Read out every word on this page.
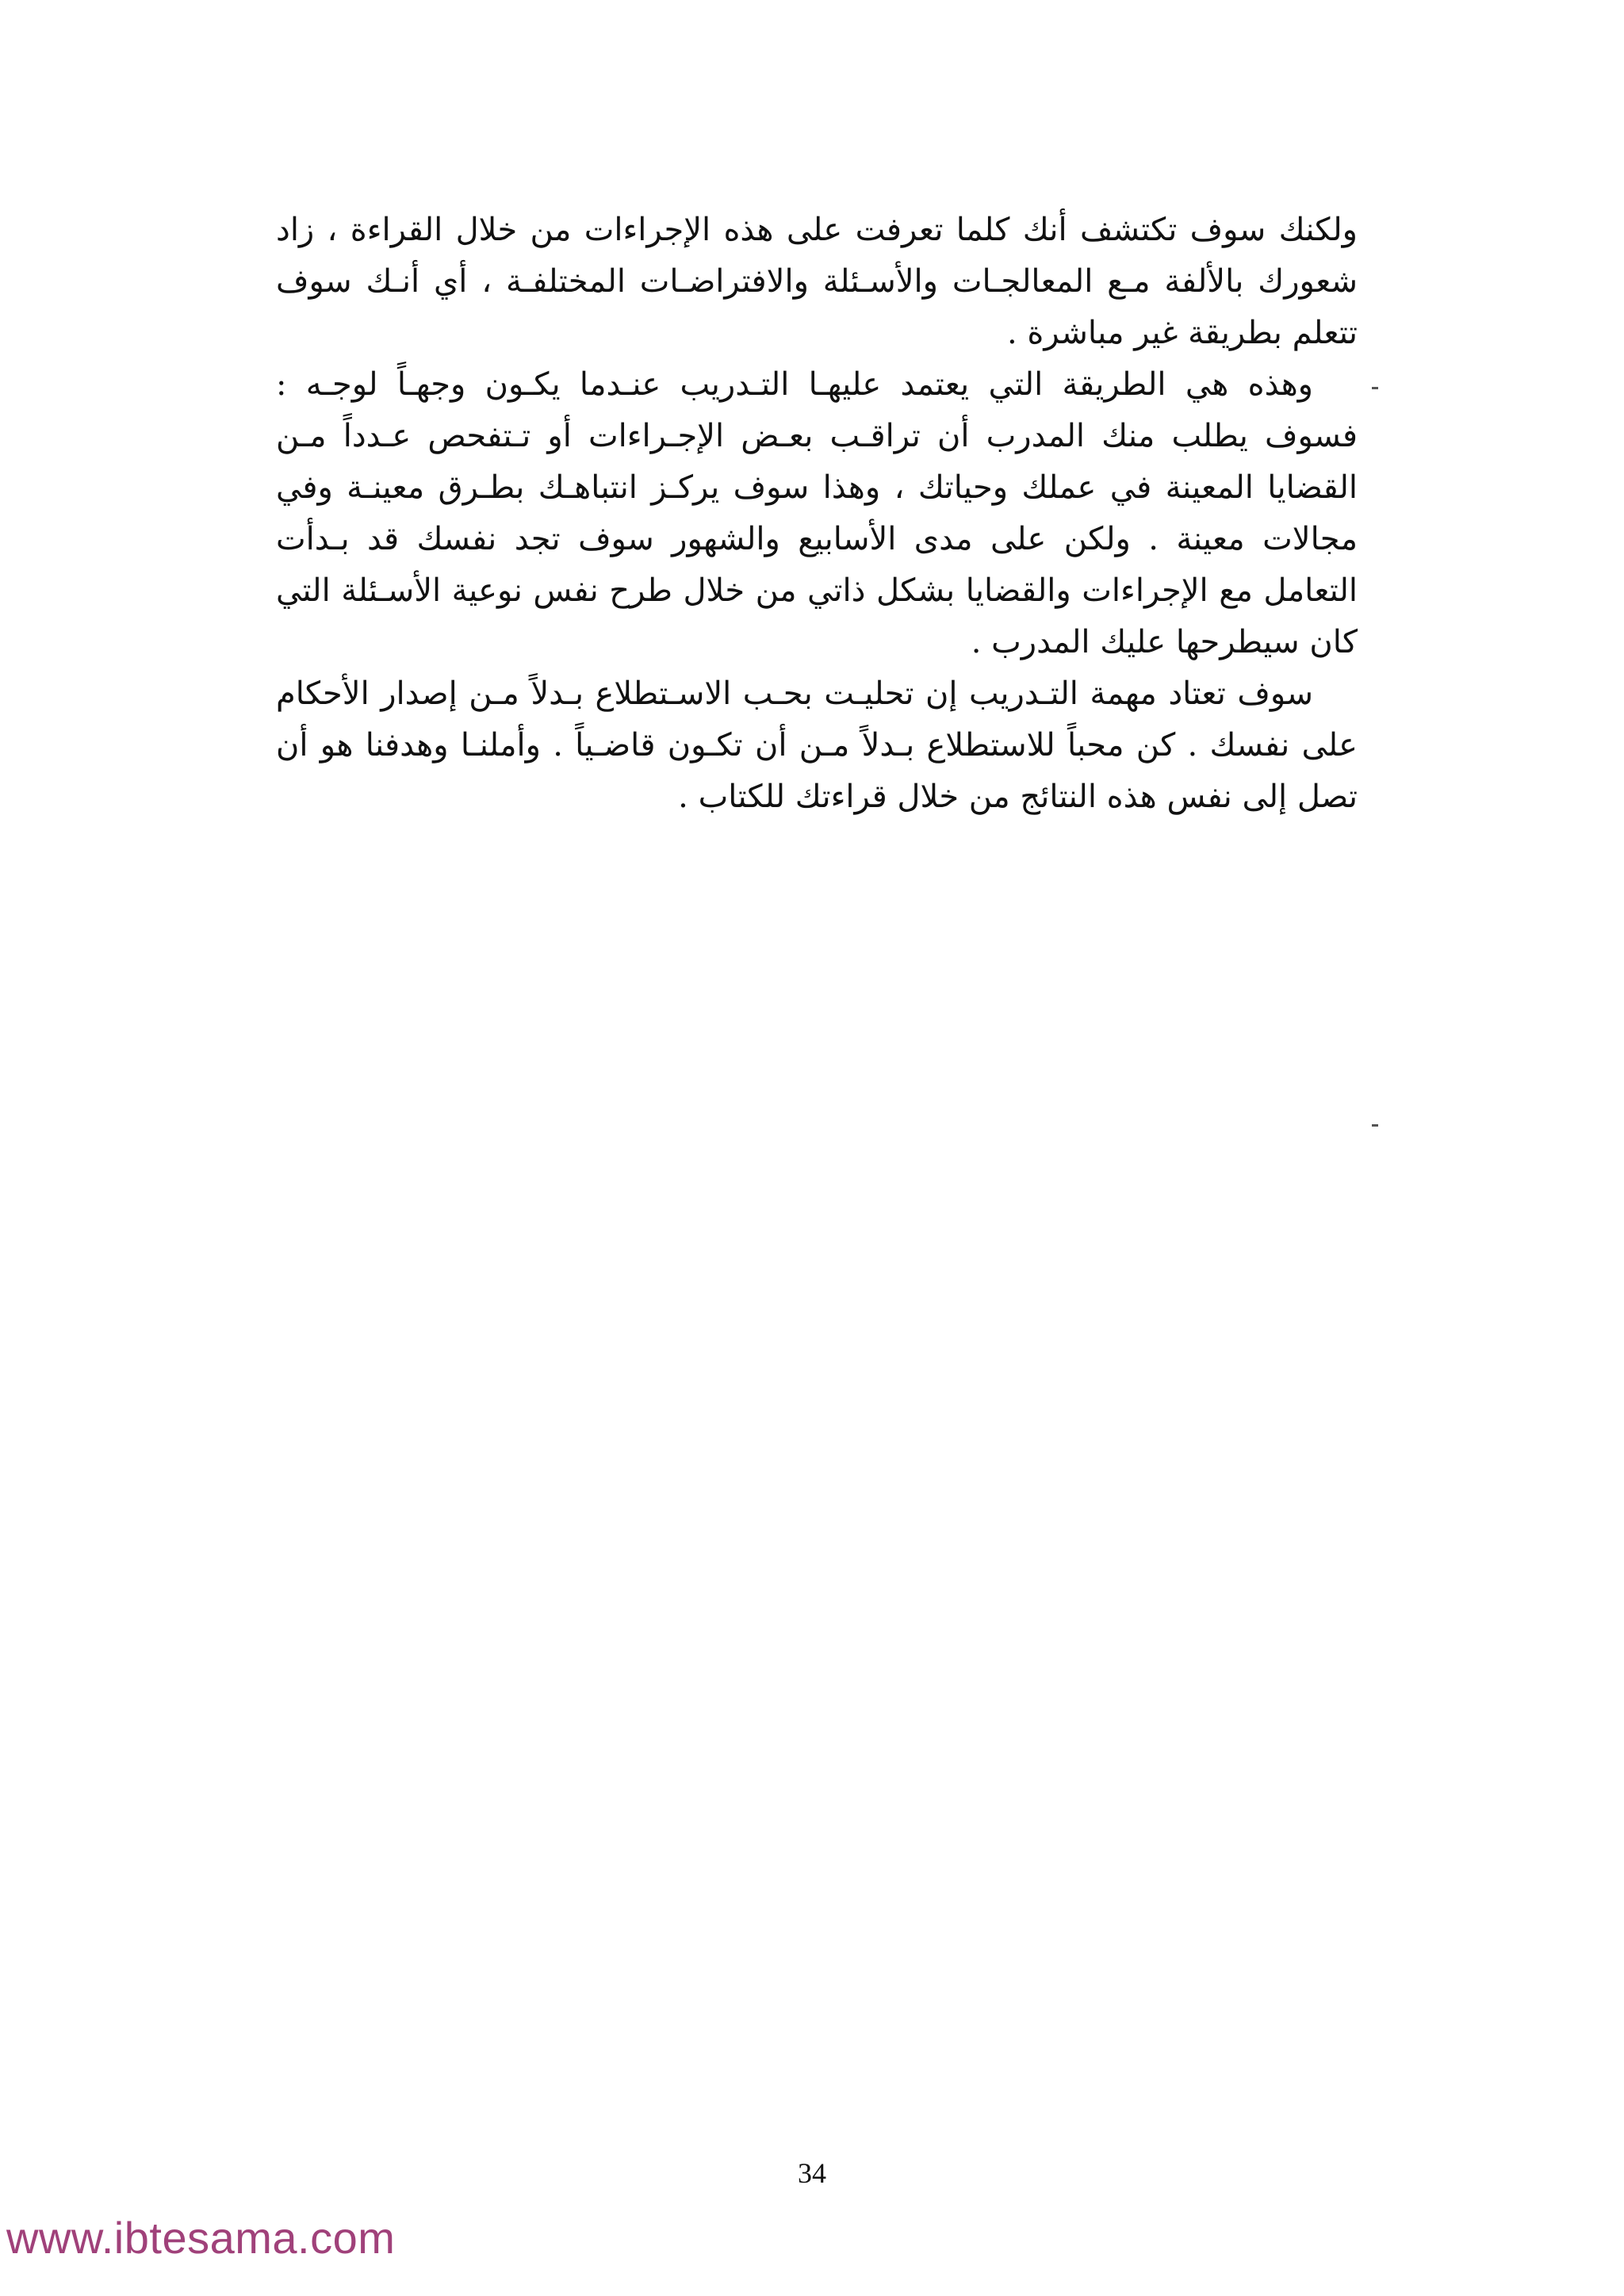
ولكنك سوف تكتشف أنك كلما تعرفت على هذه الإجراءات من خلال القراءة ، زاد شعورك بالألفة مـع المعالجـات والأسـئلة والافتراضـات المختلفـة ، أي أنـك سوف تتعلم بطريقة غير مباشرة .

وهذه هي الطريقة التي يعتمد عليهـا التـدريب عنـدما يكـون وجهـاً لوجـه : فسوف يطلب منك المدرب أن تراقـب بعـض الإجـراءات أو تـتفحص عـدداً مـن القضايا المعينة في عملك وحياتك ، وهذا سوف يركـز انتباهـك بطـرق معينـة وفي مجالات معينة . ولكن على مدى الأسابيع والشهور سوف تجد نفسك قد بـدأت التعامل مع الإجراءات والقضايا بشكل ذاتي من خلال طرح نفس نوعية الأسـئلة التي كان سيطرحها عليك المدرب .

سوف تعتاد مهمة التـدريب إن تحليـت بحـب الاسـتطلاع بـدلاً مـن إصدار الأحكام على نفسك . كن محباً للاستطلاع بـدلاً مـن أن تكـون قاضـياً . وأملنـا وهدفنا هو أن تصل إلى نفس هذه النتائج من خلال قراءتك للكتاب .

34
www.ibtesama.com
